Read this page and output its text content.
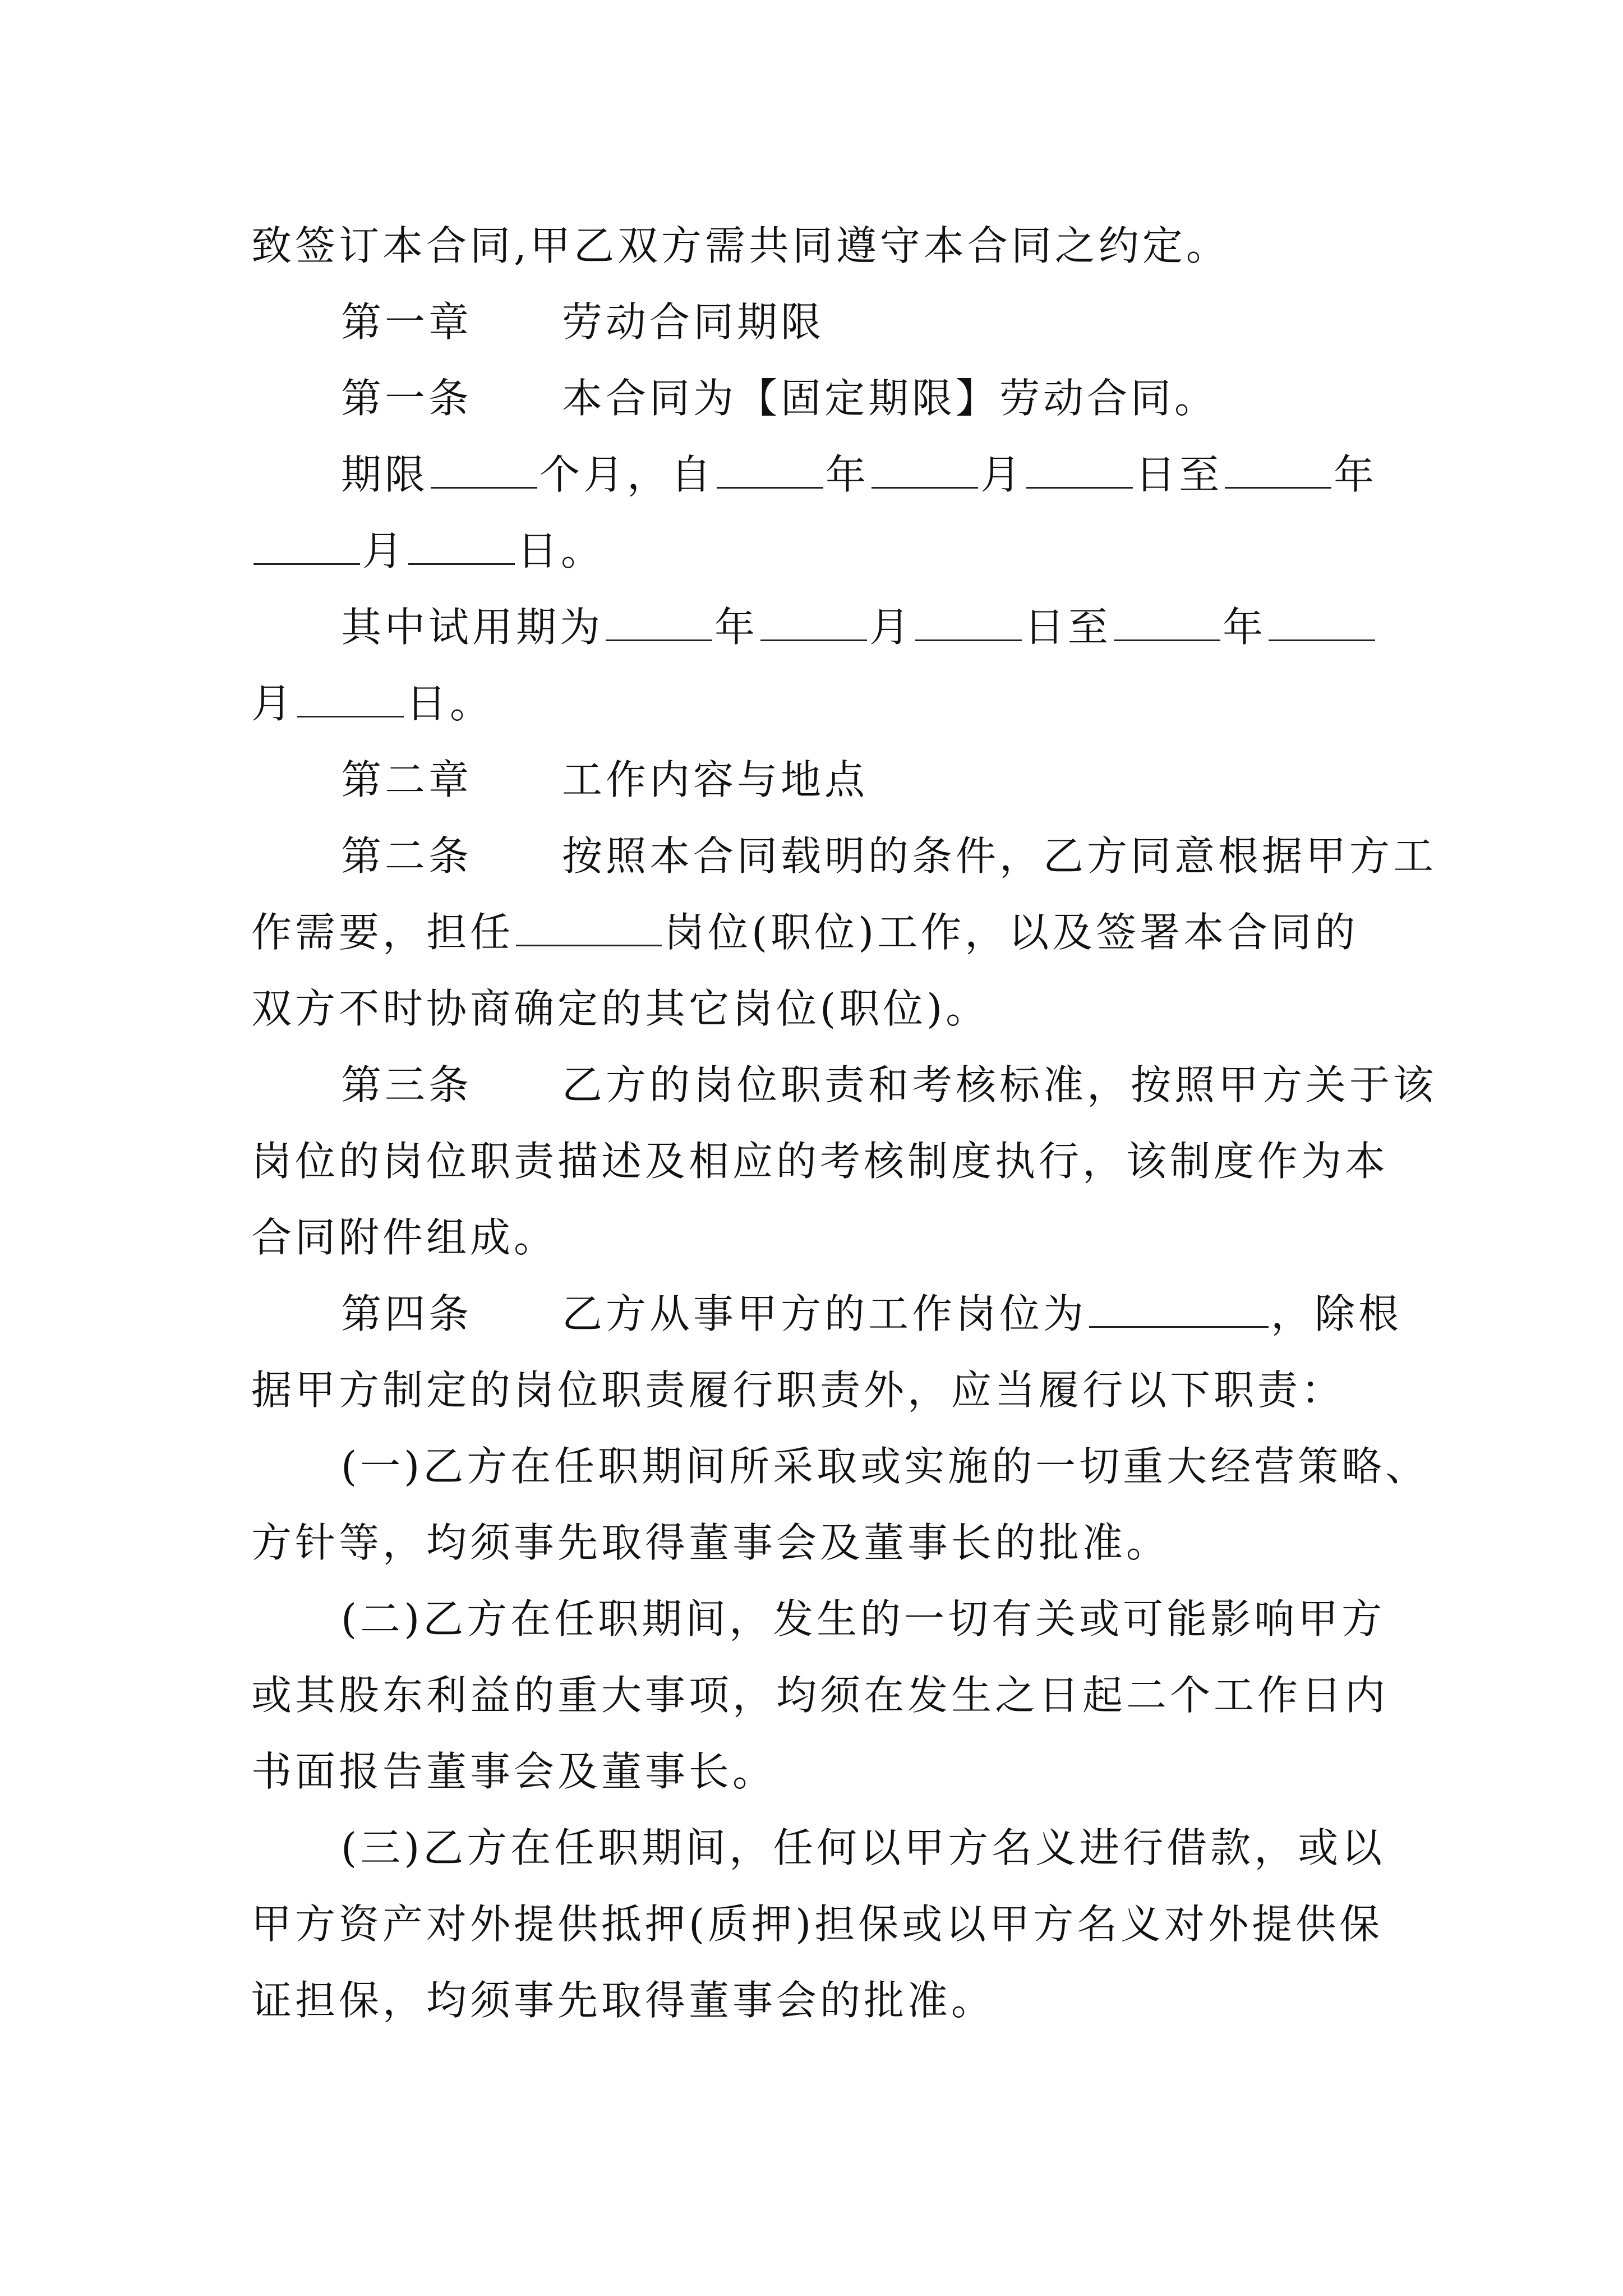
致签订本合同,甲乙双方需共同遵守本合同之约定。
第一章 劳动合同期限
第一条 本合同为【固定期限】劳动合同。
期限	个月，自	年	月	日至	年
月	日。
其中试用期为	年	月	日至	年
月	日。
第二章 工作内容与地点
第二条 按照本合同载明的条件，乙方同意根据甲方工
作需要，担任	岗位(职位)工作，以及签署本合同的
双方不时协商确定的其它岗位(职位)。
第三条 乙方的岗位职责和考核标准，按照甲方关于该
岗位的岗位职责描述及相应的考核制度执行，该制度作为本
合同附件组成。
第四条 乙方从事甲方的工作岗位为	，除根
据甲方制定的岗位职责履行职责外，应当履行以下职责：
(一)乙方在任职期间所采取或实施的一切重大经营策略、
方针等，均须事先取得董事会及董事长的批准。
(二)乙方在任职期间，发生的一切有关或可能影响甲方
或其股东利益的重大事项，均须在发生之日起二个工作日内
书面报告董事会及董事长。
(三)乙方在任职期间，任何以甲方名义进行借款，或以
甲方资产对外提供抵押(质押)担保或以甲方名义对外提供保
证担保，均须事先取得董事会的批准。
